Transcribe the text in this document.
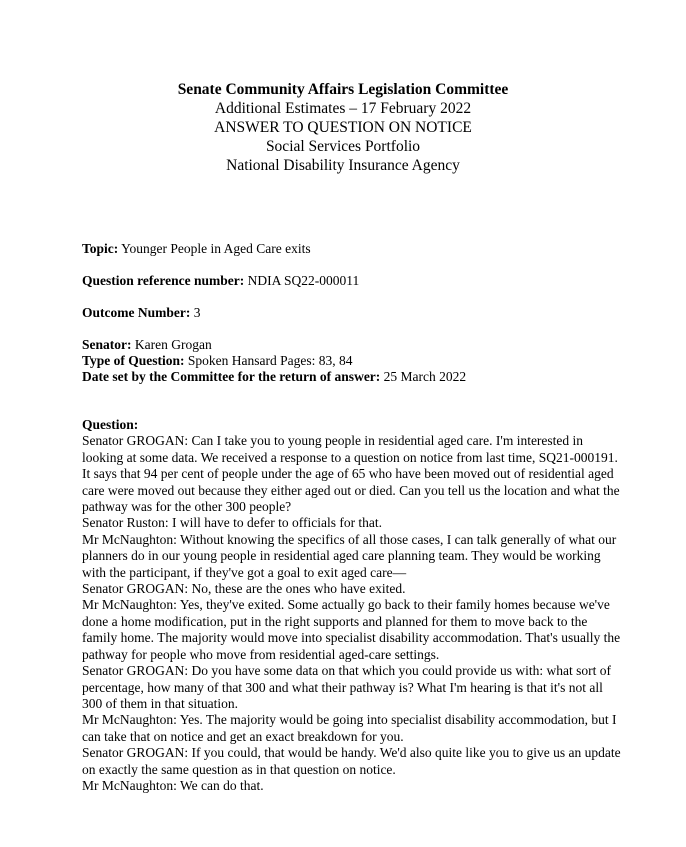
Senate Community Affairs Legislation Committee
Additional Estimates – 17 February 2022
ANSWER TO QUESTION ON NOTICE
Social Services Portfolio
National Disability Insurance Agency
Topic: Younger People in Aged Care exits
Question reference number: NDIA SQ22-000011
Outcome Number: 3
Senator: Karen Grogan
Type of Question: Spoken Hansard Pages: 83, 84
Date set by the Committee for the return of answer: 25 March 2022
Question:

Senator GROGAN: Can I take you to young people in residential aged care. I'm interested in looking at some data. We received a response to a question on notice from last time, SQ21-000191. It says that 94 per cent of people under the age of 65 who have been moved out of residential aged care were moved out because they either aged out or died. Can you tell us the location and what the pathway was for the other 300 people?

Senator Ruston: I will have to defer to officials for that.

Mr McNaughton: Without knowing the specifics of all those cases, I can talk generally of what our planners do in our young people in residential aged care planning team. They would be working with the participant, if they've got a goal to exit aged care—

Senator GROGAN: No, these are the ones who have exited.

Mr McNaughton: Yes, they've exited. Some actually go back to their family homes because we've done a home modification, put in the right supports and planned for them to move back to the family home. The majority would move into specialist disability accommodation. That's usually the pathway for people who move from residential aged-care settings.

Senator GROGAN: Do you have some data on that which you could provide us with: what sort of percentage, how many of that 300 and what their pathway is? What I'm hearing is that it's not all 300 of them in that situation.

Mr McNaughton: Yes. The majority would be going into specialist disability accommodation, but I can take that on notice and get an exact breakdown for you.

Senator GROGAN: If you could, that would be handy. We'd also quite like you to give us an update on exactly the same question as in that question on notice.

Mr McNaughton: We can do that.
